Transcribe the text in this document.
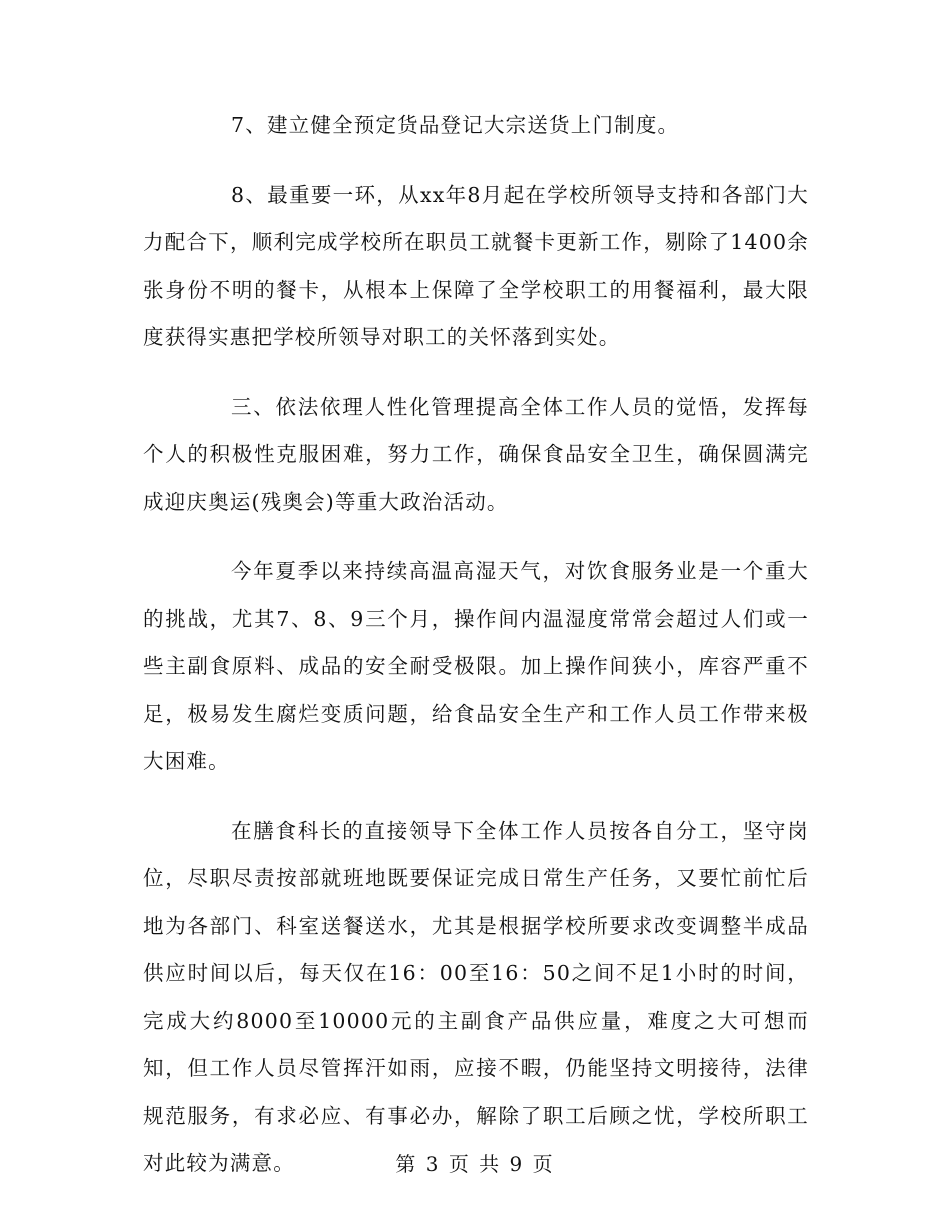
7、建立健全预定货品登记大宗送货上门制度。

8、最重要一环，从xx年8月起在学校所领导支持和各部门大力配合下，顺利完成学校所在职员工就餐卡更新工作，剔除了1400余张身份不明的餐卡，从根本上保障了全学校职工的用餐福利，最大限度获得实惠把学校所领导对职工的关怀落到实处。

三、依法依理人性化管理提高全体工作人员的觉悟，发挥每个人的积极性克服困难，努力工作，确保食品安全卫生，确保圆满完成迎庆奥运(残奥会)等重大政治活动。

今年夏季以来持续高温高湿天气，对饮食服务业是一个重大的挑战，尤其7、8、9三个月，操作间内温湿度常常会超过人们或一些主副食原料、成品的安全耐受极限。加上操作间狭小，库容严重不足，极易发生腐烂变质问题，给食品安全生产和工作人员工作带来极大困难。

在膳食科长的直接领导下全体工作人员按各自分工，坚守岗位，尽职尽责按部就班地既要保证完成日常生产任务，又要忙前忙后地为各部门、科室送餐送水，尤其是根据学校所要求改变调整半成品供应时间以后，每天仅在16：00至16：50之间不足1小时的时间，完成大约8000至10000元的主副食产品供应量，难度之大可想而知，但工作人员尽管挥汗如雨，应接不暇，仍能坚持文明接待，法律规范服务，有求必应、有事必办，解除了职工后顾之忧，学校所职工对此较为满意。	第 3 页 共 9 页
